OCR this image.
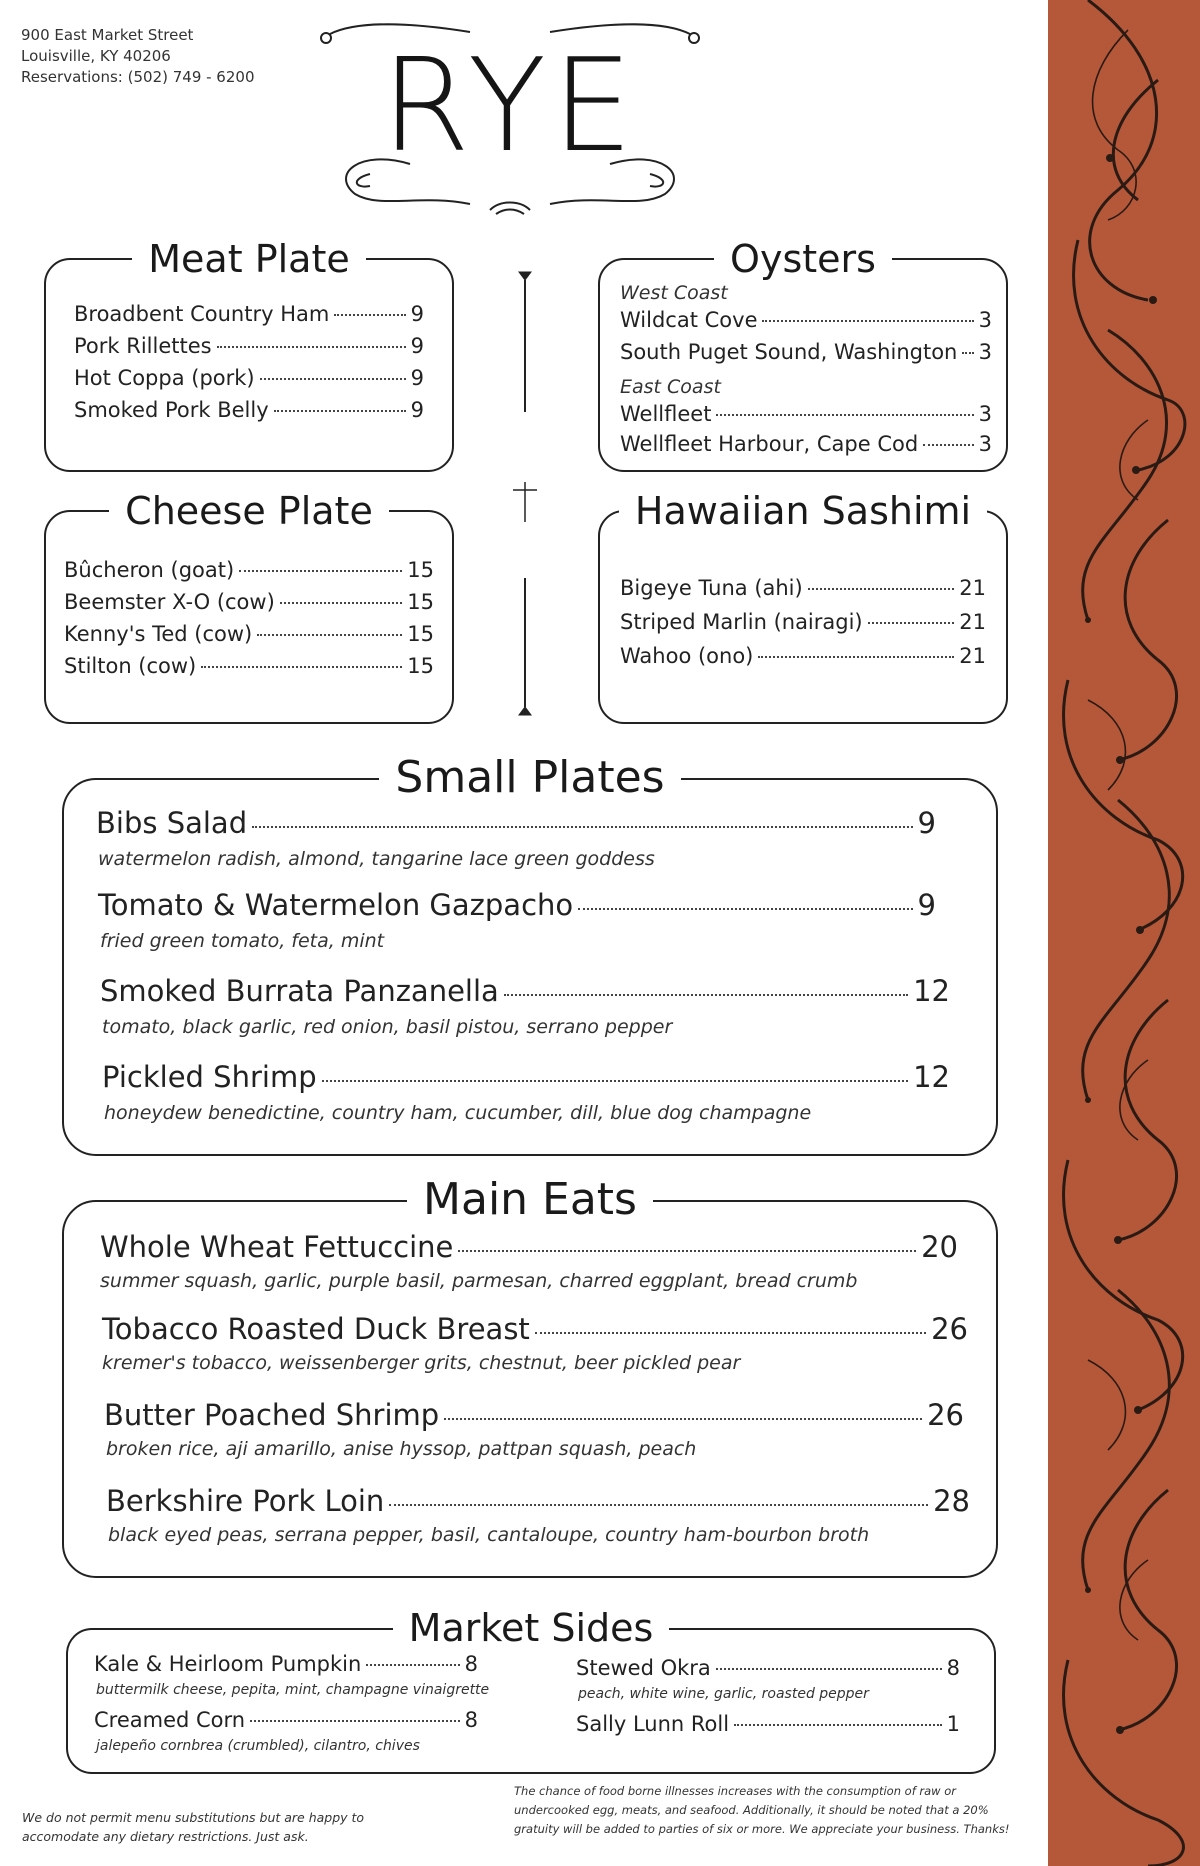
900 East Market Street
Louisville, KY 40206
Reservations: (502) 749 - 6200 RYE
Meat Plate
Broadbent Country Ham	9
Pork Rillettes	9
Hot Coppa (pork)	9
Smoked Pork Belly	9
Oysters
West Coast
Wildcat Cove	3
South Puget Sound, Washington 3
East Coast
Wellfleet	3
Wellfleet Harbour, Cape Cod	3
Cheese Plate
Bûcheron (goat)	15
Beemster X-O (cow)	15
Kenny's Ted (cow)	15
Stilton (cow)	15
Hawaiian Sashimi
Bigeye Tuna (ahi)	21
Striped Marlin (nairagi)	21
Wahoo (ono)	21
Small Plates
Bibs Salad	9
watermelon radish, almond, tangarine lace green goddess
Tomato & Watermelon Gazpacho	9
fried green tomato, feta, mint
Smoked Burrata Panzanella	12
tomato, black garlic, red onion, basil pistou, serrano pepper
Pickled Shrimp	12
honeydew benedictine, country ham, cucumber, dill, blue dog champagne
Main Eats
Whole Wheat Fettuccine	20
summer squash, garlic, purple basil, parmesan, charred eggplant, bread crumb
Tobacco Roasted Duck Breast	26
kremer's tobacco, weissenberger grits, chestnut, beer pickled pear
Butter Poached Shrimp	26
broken rice, aji amarillo, anise hyssop, pattpan squash, peach
Berkshire Pork Loin	28
black eyed peas, serrana pepper, basil, cantaloupe, country ham-bourbon broth
Market Sides
Kale & Heirloom Pumpkin	8
buttermilk cheese, pepita, mint, champagne vinaigrette
Creamed Corn	8
jalepeño cornbrea (crumbled), cilantro, chives
Stewed Okra	8
peach, white wine, garlic, roasted pepper
Sally Lunn Roll	1
We do not permit menu substitutions but are happy to
accomodate any dietary restrictions. Just ask.
The chance of food borne illnesses increases with the consumption of raw or
undercooked egg, meats, and seafood. Additionally, it should be noted that a 20%
gratuity will be added to parties of six or more. We appreciate your business. Thanks!
